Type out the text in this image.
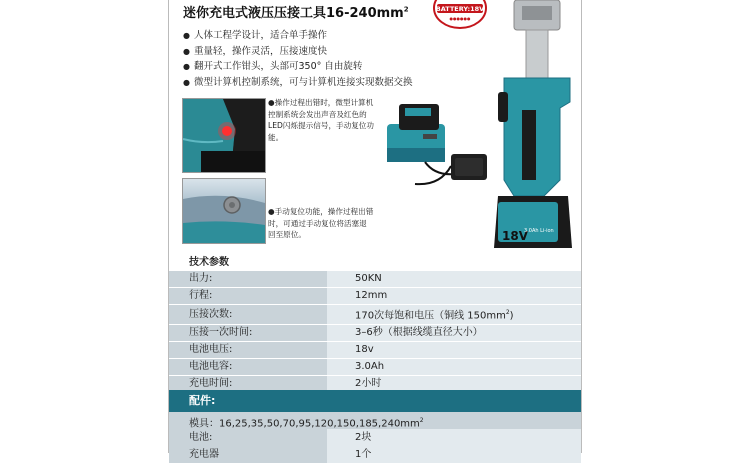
迷你充电式液压压接工具$16-240mm^2$
● 人体工程学设计，适合单手操作
● 重量轻，操作灵活，压接速度快
● 翻开式工作钳头，头部可350° 自由旋转
● 微型计算机控制系统，可与计算机连接实现数据交换
BATTERY:18V
●●●●●●
●操作过程出错时，微型计算机控制系统会发出声音及红色的LED闪烁提示信号，手动复位功能。
●手动复位功能，操作过程出错时，可通过手动复位将活塞退回至原位。	18V
3.0Ah Li-ion
技术参数
出力:	50KN
行程:	12mm
压接次数:	170次每饱和电压（铜线 $150mm^2$)
压接一次时间:	3–6秒（根据线缆直径大小）
电池电压:	18v
电池电容:	3.0Ah
充电时间:	2小时
配件:
模具：$16,25,35,50,70,95,120,150,185,240mm^2$
电池:	2块
充电器	1个
